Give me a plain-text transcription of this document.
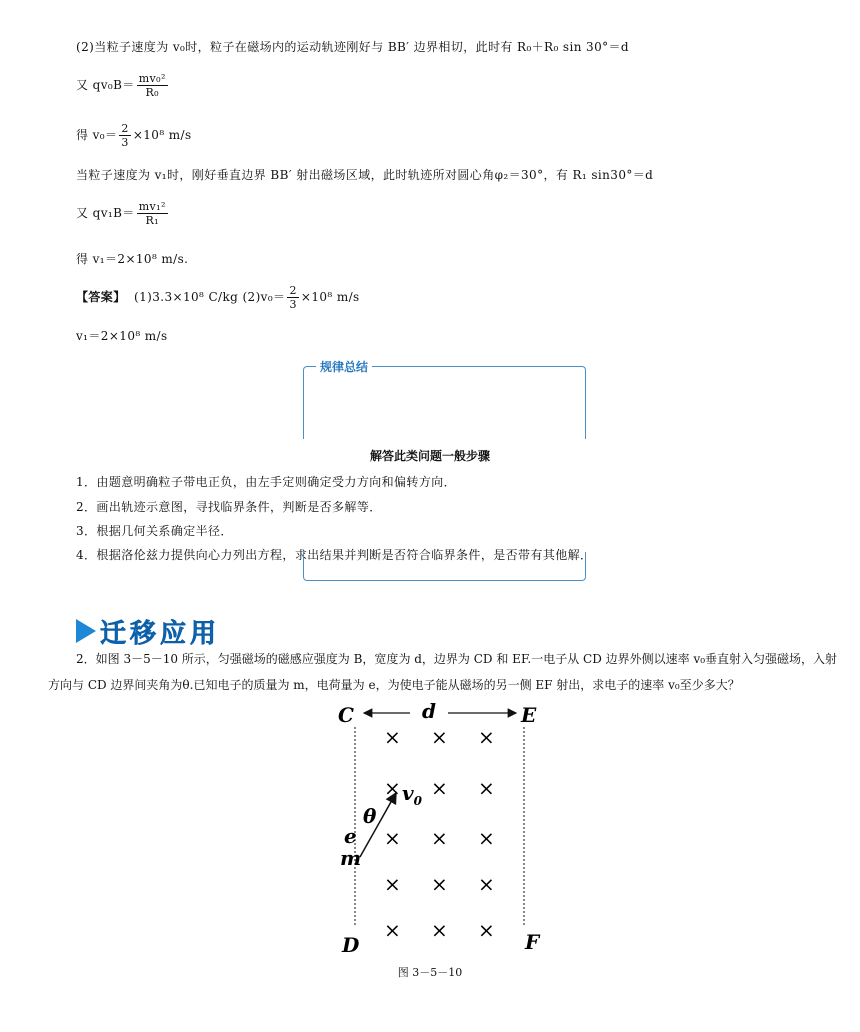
(2)当粒子速度为 v₀时，粒子在磁场内的运动轨迹刚好与 BB′ 边界相切，此时有 R₀＋R₀ sin 30°＝d
又 $qv_0B= \frac{\text{mv₀²}}{\text{R₀}}$
得 $v_0= \frac{2}{3} \times 10^8$ m/s
当粒子速度为 v₁时，刚好垂直边界 BB′ 射出磁场区域，此时轨迹所对圆心角φ₂＝30°，有 R₁ sin30°＝d
又 $qv_1B= \frac{\text{mv₁²}}{\text{R₁}}$
得 v₁＝2×10⁸ m/s.
【答案】 (1)3.3×10⁸ C/kg $(2)v_0= \frac{2}{3} \times 10^8$ m/s
v₁＝2×10⁸ m/s
规律总结
解答此类问题一般步骤
1．由题意明确粒子带电正负，由左手定则确定受力方向和偏转方向．
2．画出轨迹示意图，寻找临界条件，判断是否多解等．
3．根据几何关系确定半径．
4．根据洛伦兹力提供向心力列出方程，求出结果并判断是否符合临界条件，是否带有其他解．
迁移应用
2．如图 3－5－10 所示，匀强磁场的磁感应强度为 B，宽度为 d，边界为 CD 和 EF.一电子从 CD 边界外侧以速率 v₀垂直射入匀强磁场，入射方向与 CD 边界间夹角为θ.已知电子的质量为 m，电荷量为 e，为使电子能从磁场的另一侧 EF 射出，求电子的速率 v₀至少多大？
C	d	E
D	F
× × ×
× × ×
× × ×
× × ×
× × ×
$v_0$
θ
e
m
图 3－5－10
